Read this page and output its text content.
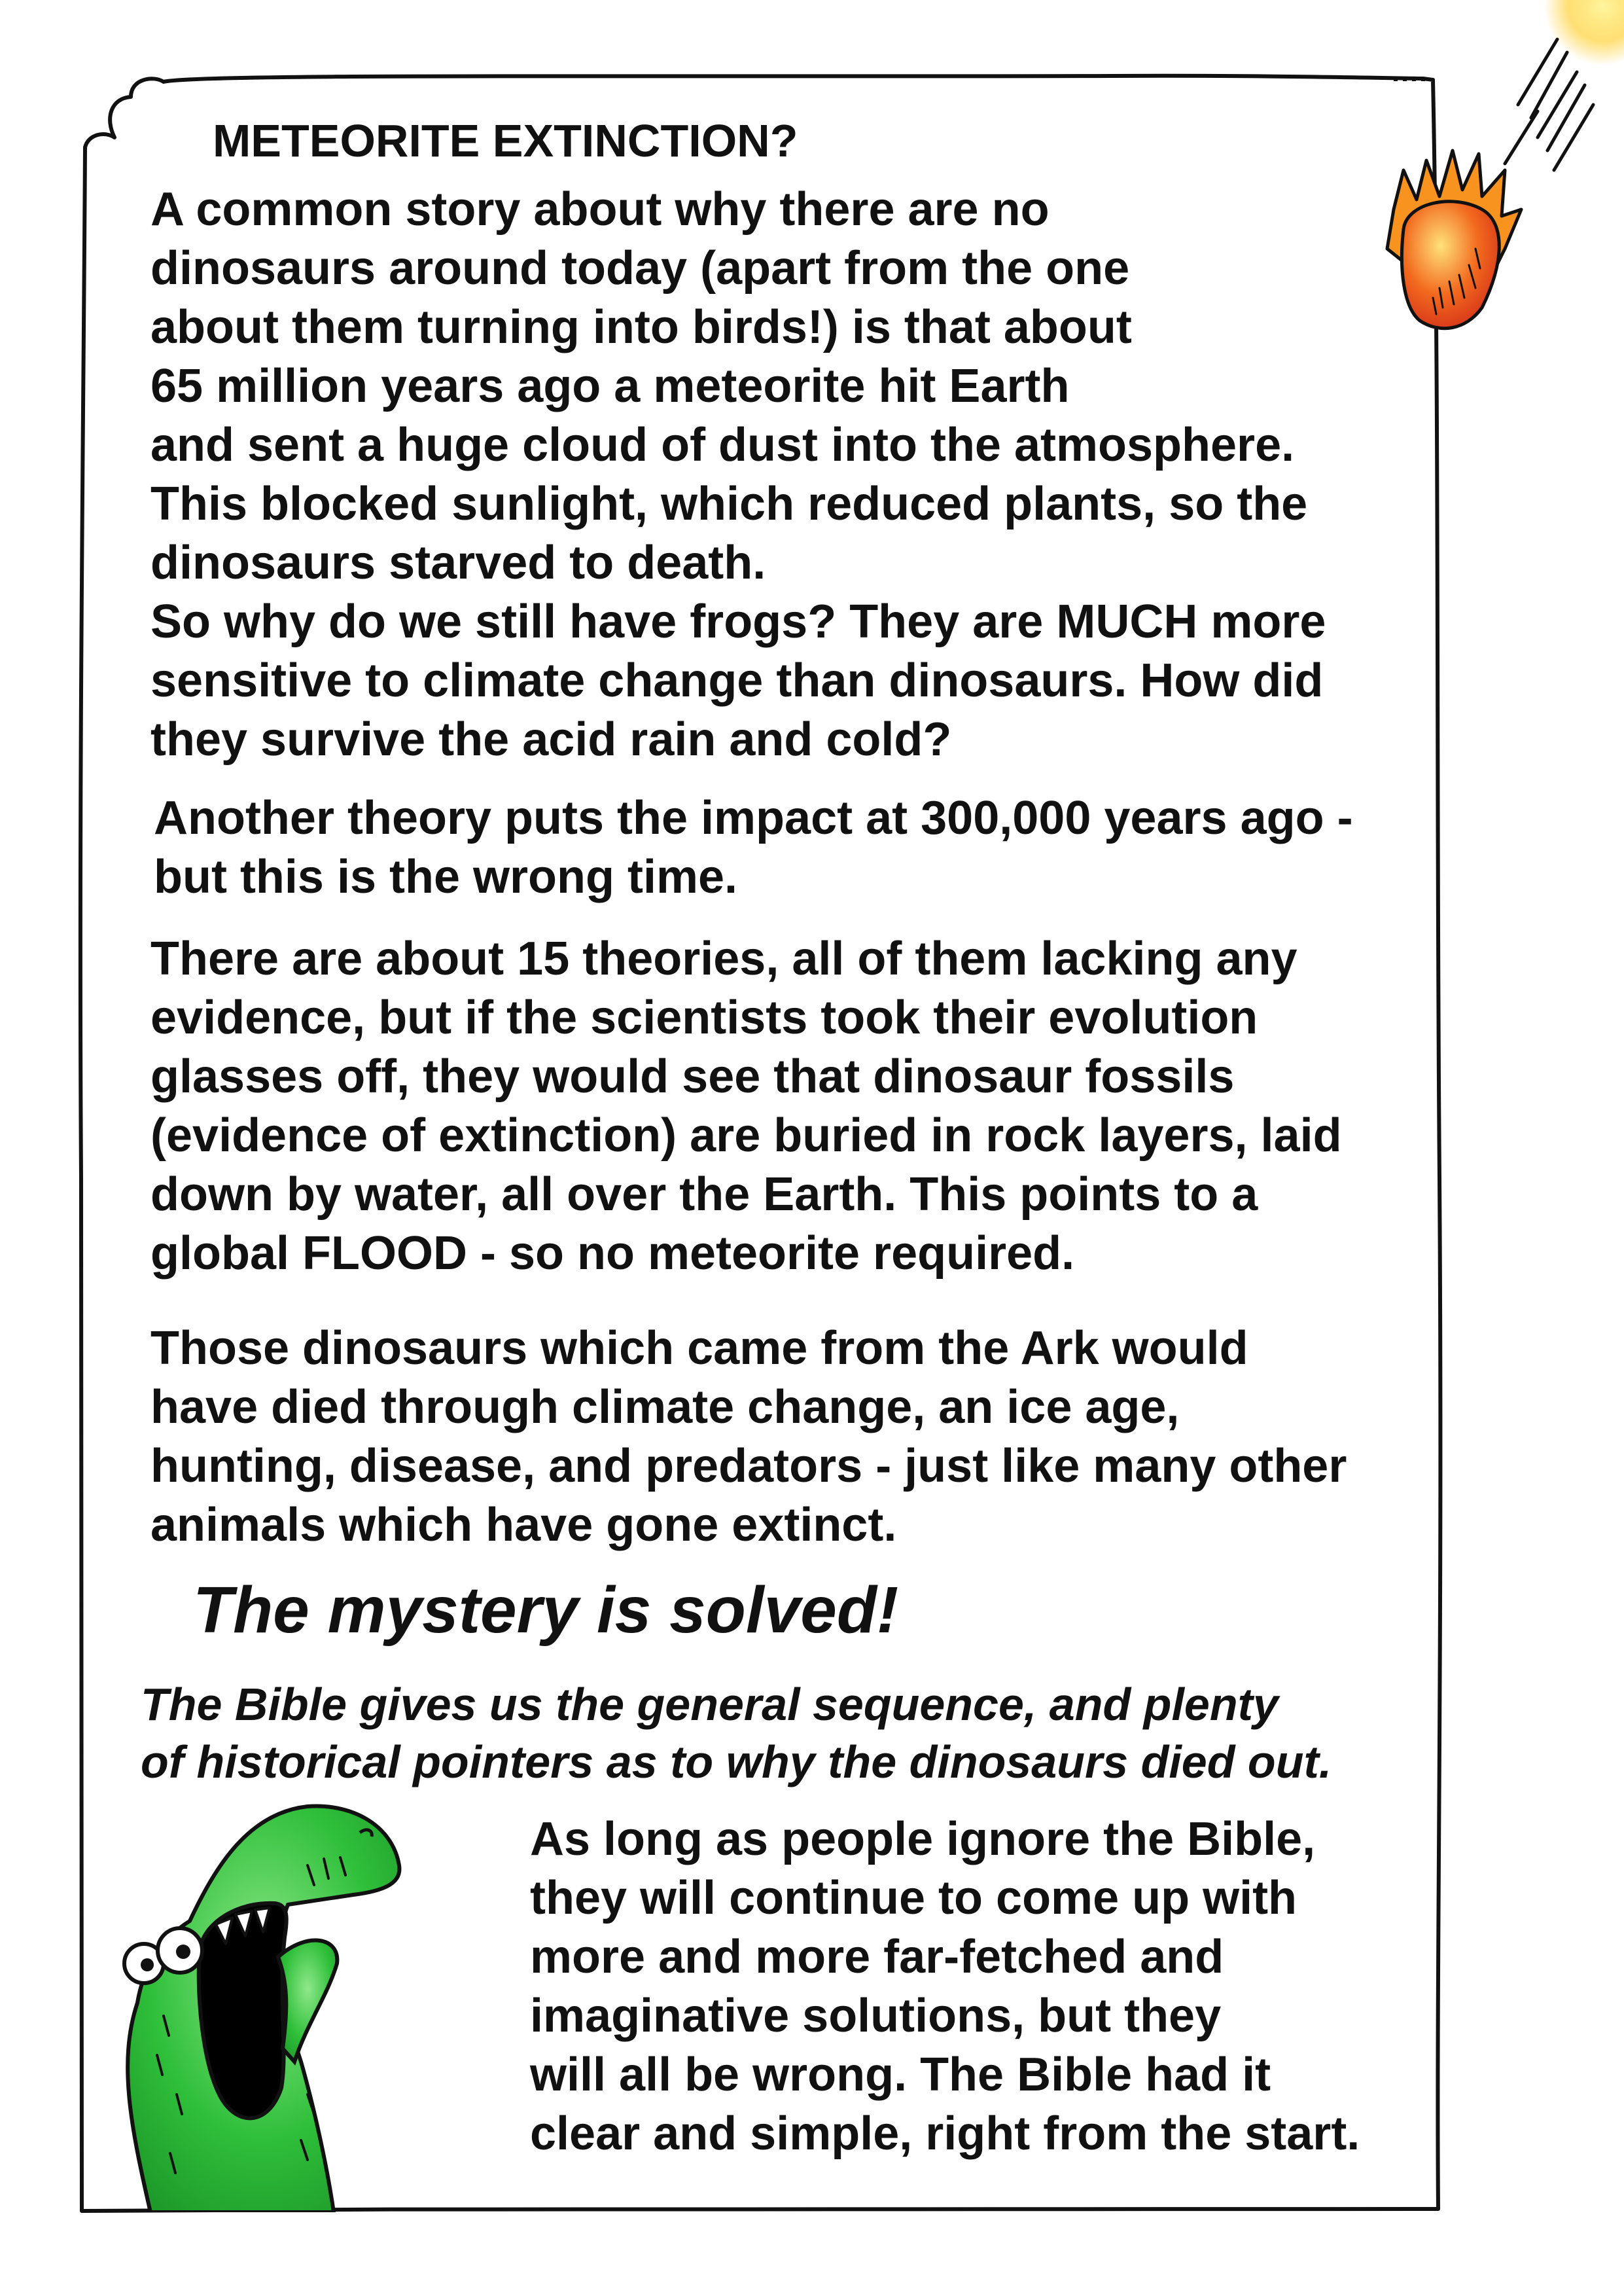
METEORITE EXTINCTION?
A common story about why there are no
dinosaurs around today (apart from the one
about them turning into birds!) is that about
65 million years ago a meteorite hit Earth
and sent a huge cloud of dust into the atmosphere.
This blocked sunlight, which reduced plants, so the
dinosaurs starved to death.
So why do we still have frogs? They are MUCH more
sensitive to climate change than dinosaurs. How did
they survive the acid rain and cold?
Another theory puts the impact at 300,000 years ago -
but this is the wrong time.
There are about 15 theories, all of them lacking any
evidence, but if the scientists took their evolution
glasses off, they would see that dinosaur fossils
(evidence of extinction) are buried in rock layers, laid
down by water, all over the Earth. This points to a
global FLOOD - so no meteorite required.
Those dinosaurs which came from the Ark would
have died through climate change, an ice age,
hunting, disease, and predators - just like many other
animals which have gone extinct.
The mystery is solved!
The Bible gives us the general sequence, and plenty
of historical pointers as to why the dinosaurs died out.
As long as people ignore the Bible,
they will continue to come up with
more and more far-fetched and
imaginative solutions, but they
will all be wrong. The Bible had it
clear and simple, right from the start.
